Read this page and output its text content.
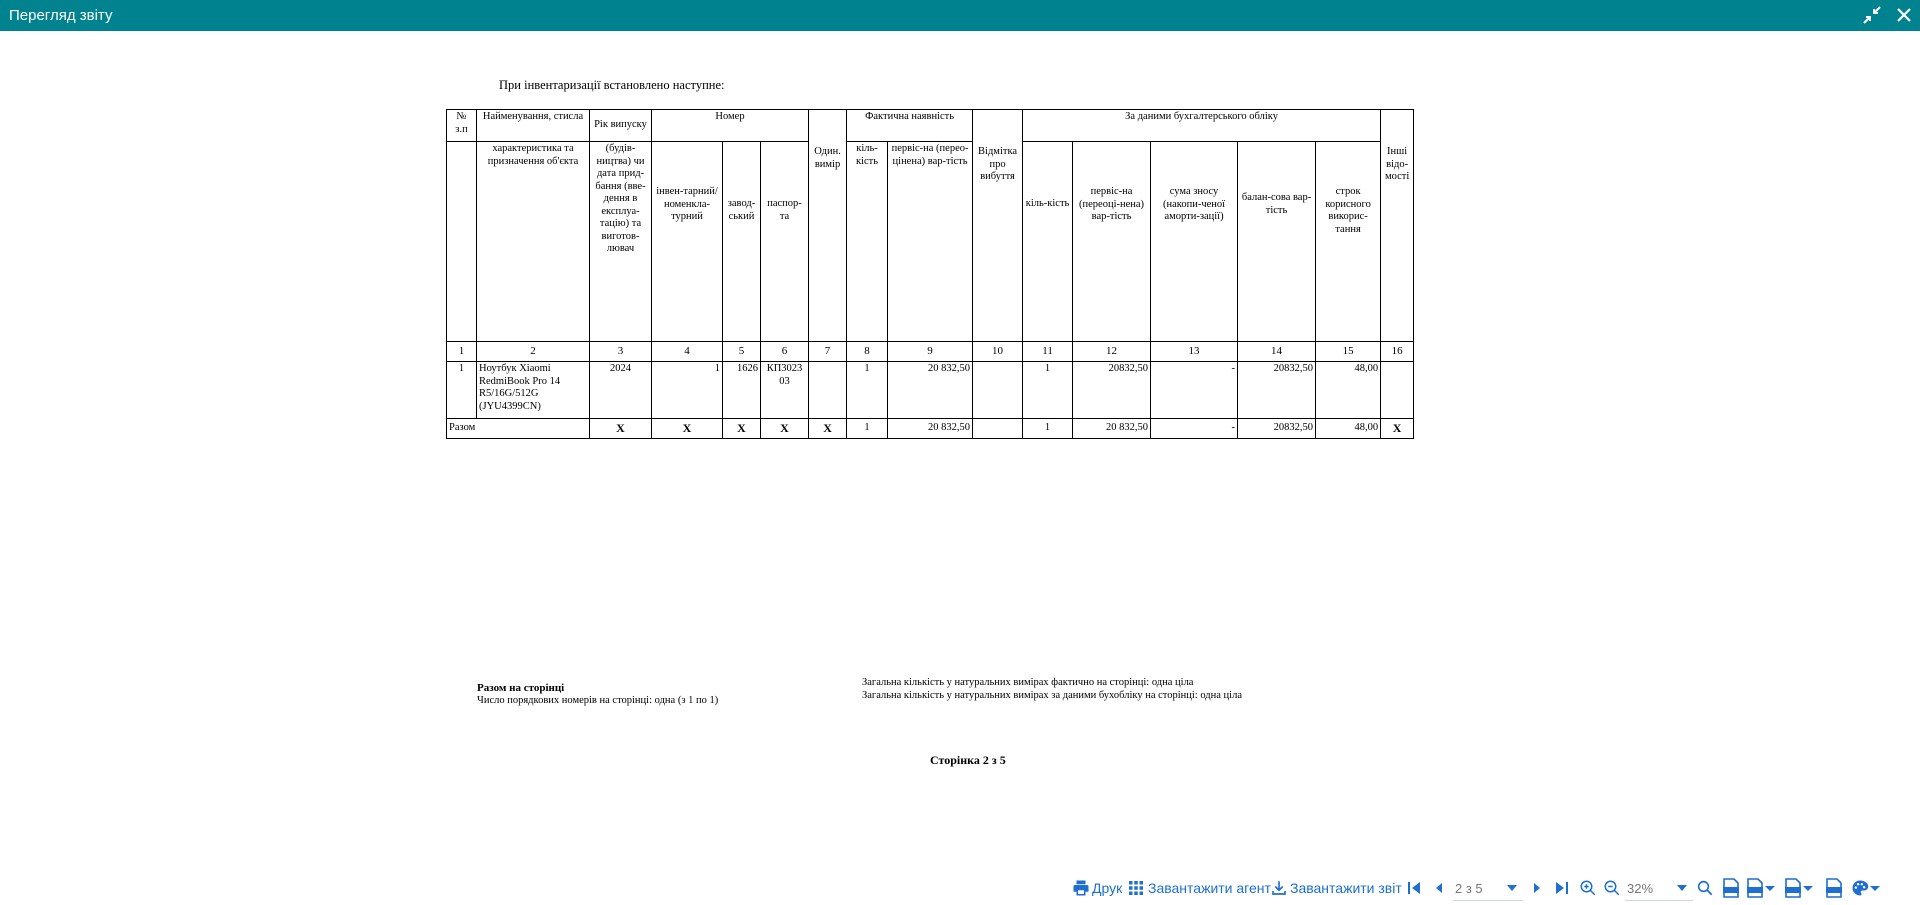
Перегляд звіту
При інвентаризації встановлено наступне:
№ з.п	Найменування, стисла	Рік випуску	Номер			Один. вимір	Фактична наявність		Відмітка про вибуття	За даними бухгалтерського обліку					Інші відо-мості
	характеристика та призначення об'єкта	(будів-ництва) чи дата прид-бання (вве-дення в експлуа-тацію) та виготов-лювач	інвен-тарний/ номенкла-турний	завод-ський	паспор-та		кіль-кість	первіс-на (перео-цінена) вар-тість		кіль-кість	первіс-на (переоці-нена) вар-тість	сума зносу (накопи-ченої аморти-зації)	балан-сова вар-тість	строк корисного викорис-тання	
1	2	3	4	5	6	7	8	9	10	11	12	13	14	15	16
1	Ноутбук Xiaomi RedmiBook Pro 14 R5/16G/512G (JYU4399CN)	2024	1	1626	КП3023 03		1	20 832,50		1	20832,50	-	20832,50	48,00	
Разом		X	X	X	X	X	1	20 832,50		1	20 832,50	-	20832,50	48,00	X
Разом на сторінці
Число порядкових номерів на сторінці: одна (з 1 по 1)
Загальна кількість у натуральних вимірах фактично на сторінці: одна ціла
Загальна кількість у натуральних вимірах за даними бухобліку на сторінці: одна ціла
Сторінка 2 з 5
Друк Завантажити агент Завантажити звіт	2 з 5	32%
